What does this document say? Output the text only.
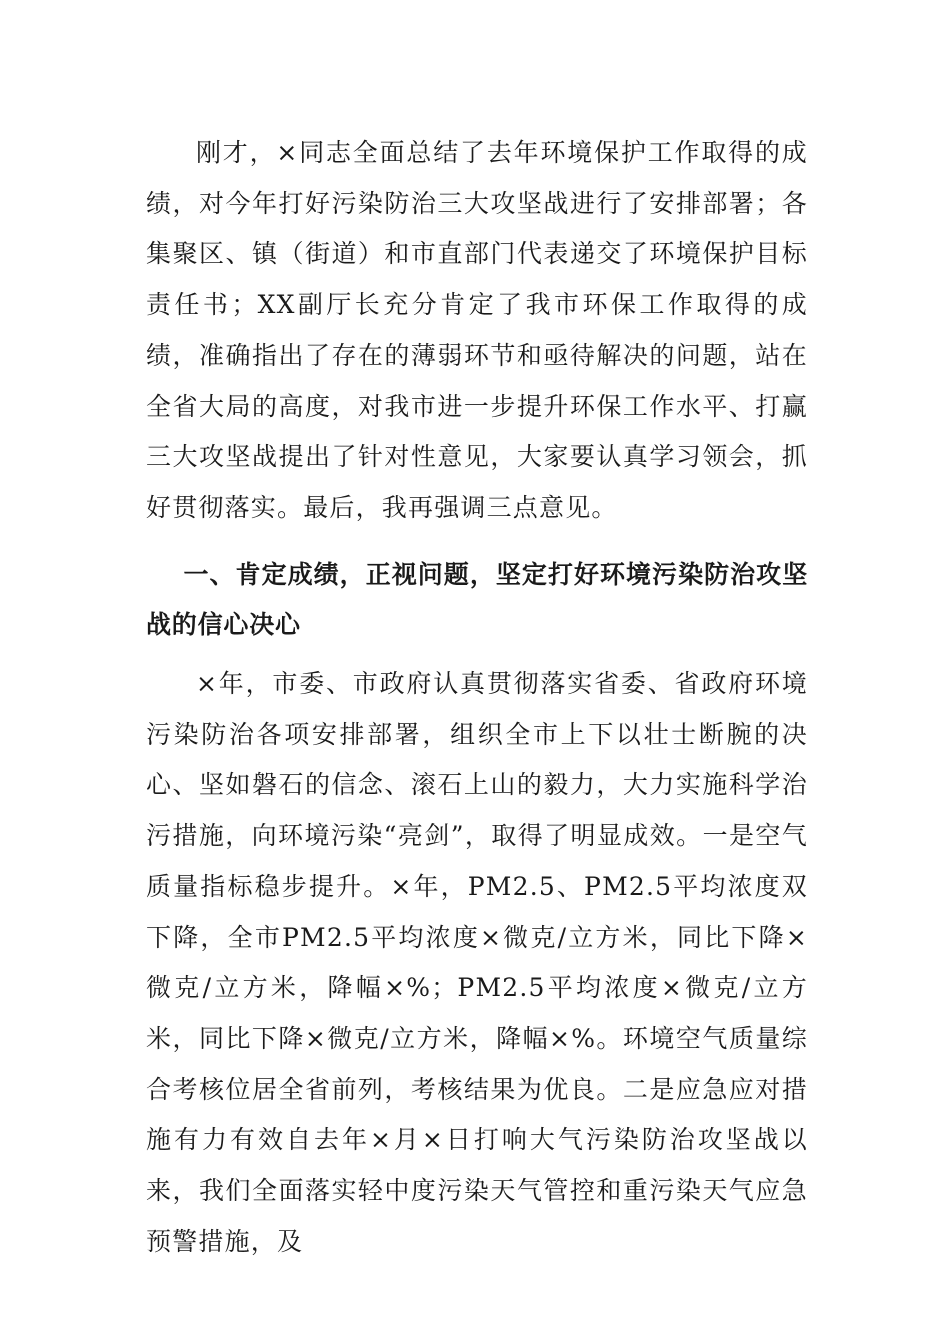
刚才，×同志全面总结了去年环境保护工作取得的成绩，对今年打好污染防治三大攻坚战进行了安排部署；各集聚区、镇（街道）和市直部门代表递交了环境保护目标责任书；XX副厅长充分肯定了我市环保工作取得的成绩，准确指出了存在的薄弱环节和亟待解决的问题，站在全省大局的高度，对我市进一步提升环保工作水平、打赢三大攻坚战提出了针对性意见，大家要认真学习领会，抓好贯彻落实。最后，我再强调三点意见。

一、肯定成绩，正视问题，坚定打好环境污染防治攻坚战的信心决心

×年，市委、市政府认真贯彻落实省委、省政府环境污染防治各项安排部署，组织全市上下以壮士断腕的决心、坚如磐石的信念、滚石上山的毅力，大力实施科学治污措施，向环境污染“亮剑”，取得了明显成效。一是空气质量指标稳步提升。×年，PM2.5、PM2.5平均浓度双下降，全市PM2.5平均浓度×微克/立方米，同比下降×微克/立方米，降幅×%；PM2.5平均浓度×微克/立方米，同比下降×微克/立方米，降幅×%。环境空气质量综合考核位居全省前列，考核结果为优良。二是应急应对措施有力有效自去年×月×日打响大气污染防治攻坚战以来，我们全面落实轻中度污染天气管控和重污染天气应急预警措施，及
